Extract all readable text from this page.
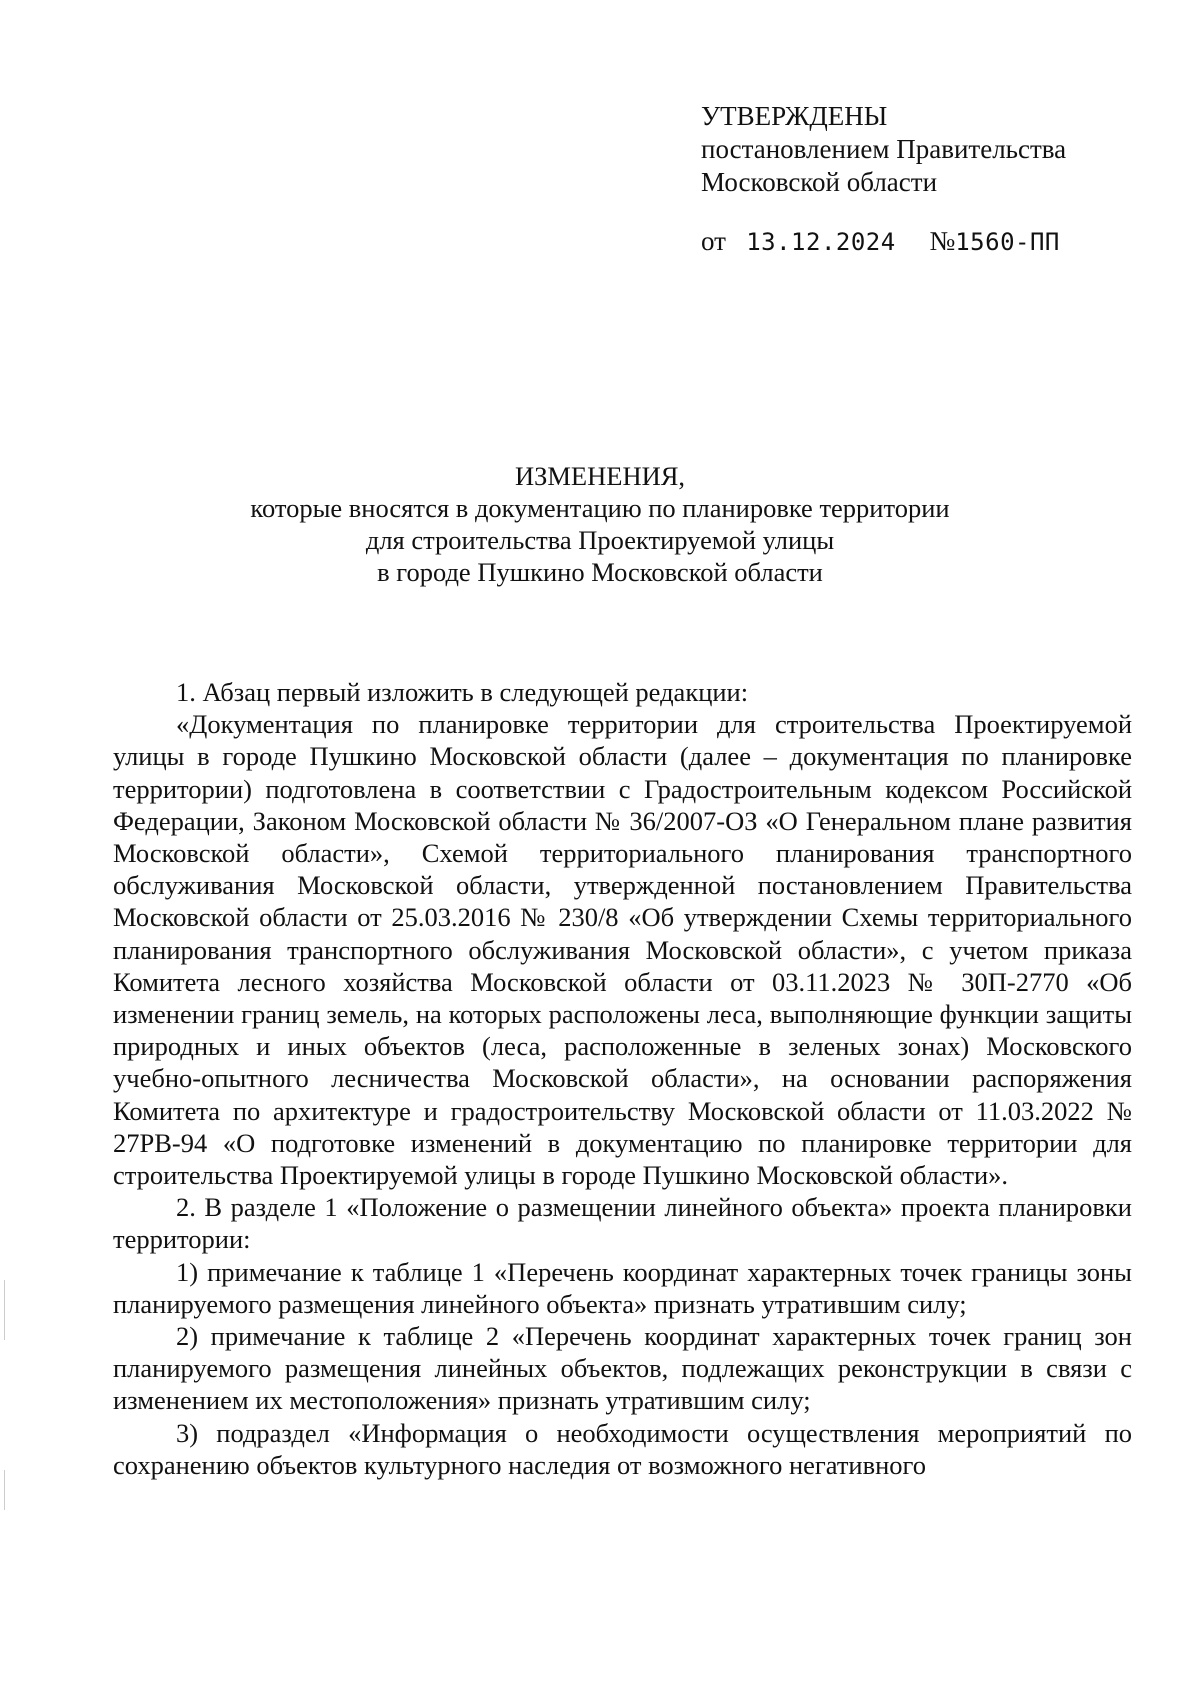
УТВЕРЖДЕНЫ
постановлением Правительства
Московской области
от 13.12.2024 №1560-ПП
ИЗМЕНЕНИЯ,
которые вносятся в документацию по планировке территории
для строительства Проектируемой улицы
в городе Пушкино Московской области

1. Абзац первый изложить в следующей редакции:

«Документация по планировке территории для строительства Проектируемой улицы в городе Пушкино Московской области (далее – документация по планировке территории) подготовлена в соответствии с Градостроительным кодексом Российской Федерации, Законом Московской области № 36/2007-ОЗ «О Генеральном плане развития Московской области», Схемой территориального планирования транспортного обслуживания Московской области, утвержденной постановлением Правительства Московской области от 25.03.2016 № 230/8 «Об утверждении Схемы территориального планирования транспортного обслуживания Московской области», с учетом приказа Комитета лесного хозяйства Московской области от 03.11.2023 № 30П-2770 «Об изменении границ земель, на которых расположены леса, выполняющие функции защиты природных и иных объектов (леса, расположенные в зеленых зонах) Московского учебно-опытного лесничества Московской области», на основании распоряжения Комитета по архитектуре и градостроительству Московской области от 11.03.2022 № 27РВ-94 «О подготовке изменений в документацию по планировке территории для строительства Проектируемой улицы в городе Пушкино Московской области».

2. В разделе 1 «Положение о размещении линейного объекта» проекта планировки территории:

1) примечание к таблице 1 «Перечень координат характерных точек границы зоны планируемого размещения линейного объекта» признать утратившим силу;

2) примечание к таблице 2 «Перечень координат характерных точек границ зон планируемого размещения линейных объектов, подлежащих реконструкции в связи с изменением их местоположения» признать утратившим силу;

3) подраздел «Информация о необходимости осуществления мероприятий по сохранению объектов культурного наследия от возможного негативного
